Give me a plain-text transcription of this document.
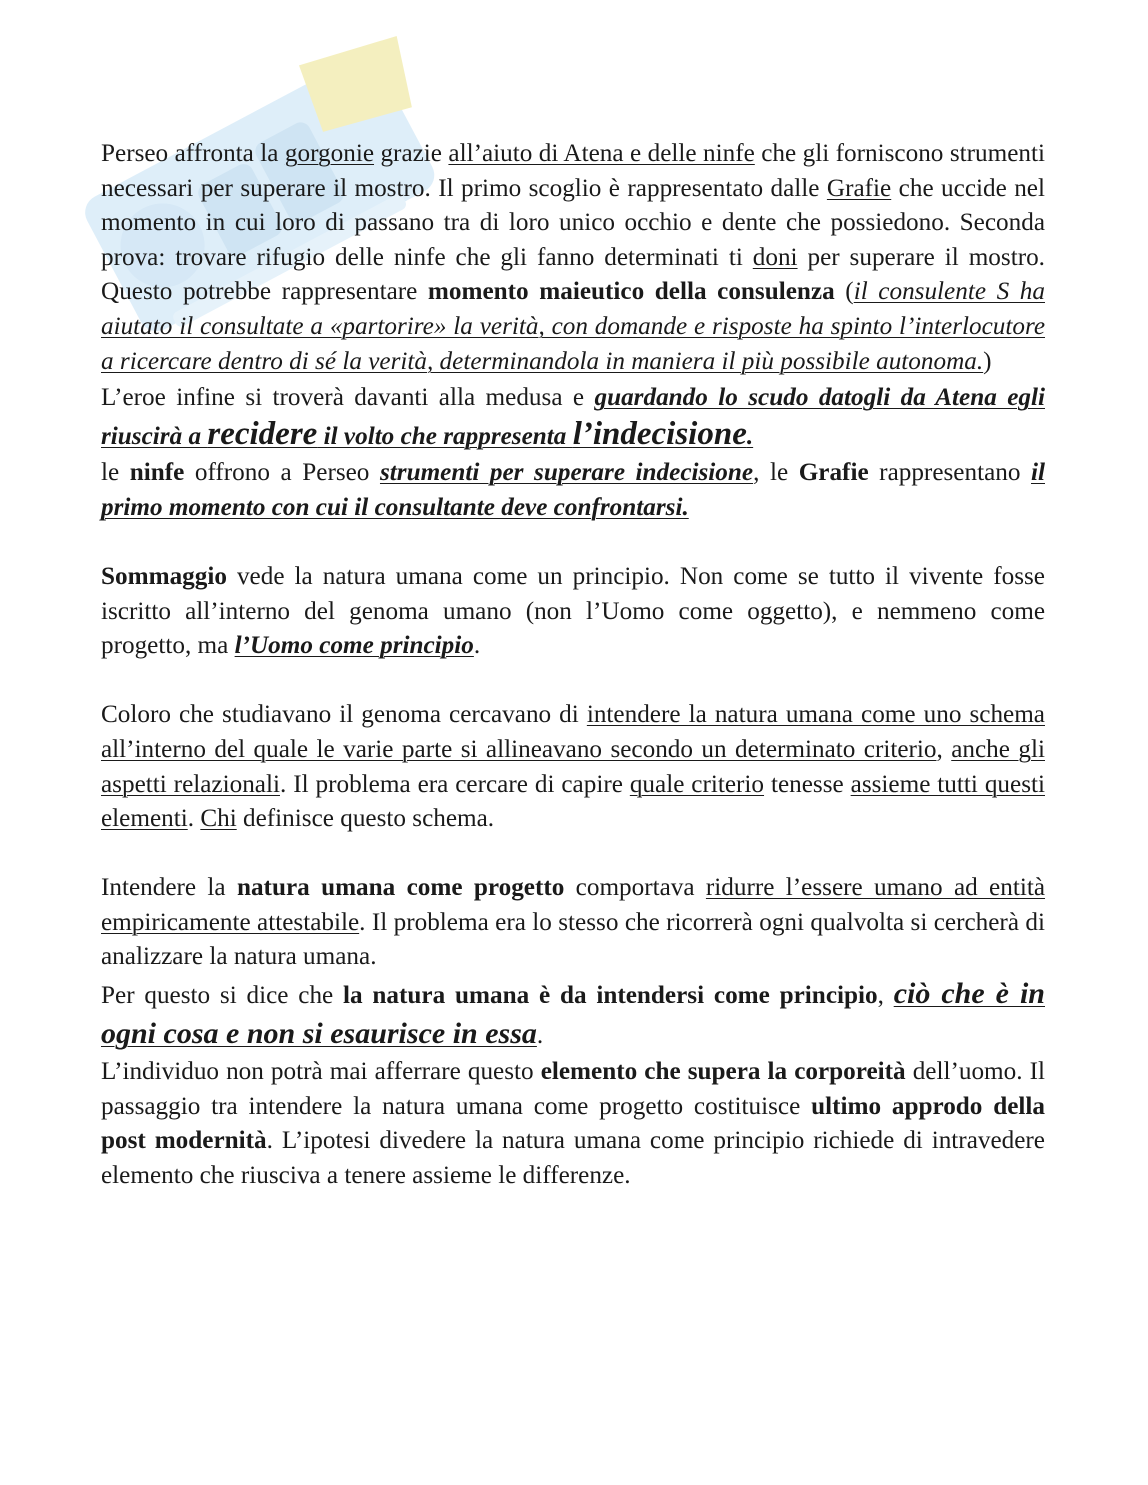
Perseo affronta la gorgonie grazie all’aiuto di Atena e delle ninfe che gli forniscono strumenti necessari per superare il mostro. Il primo scoglio è rappresentato dalle Grafie che uccide nel momento in cui loro di passano tra di loro unico occhio e dente che possiedono. Seconda prova: trovare rifugio delle ninfe che gli fanno determinati ti doni per superare il mostro. Questo potrebbe rappresentare momento maieutico della consulenza (il consulente S ha aiutato il consultate a «partorire» la verità, con domande e risposte ha spinto l’interlocutore a ricercare dentro di sé la verità, determinandola in maniera il più possibile autonoma.)

L’eroe infine si troverà davanti alla medusa e guardando lo scudo datogli da Atena egli riuscirà a recidere il volto che rappresenta l’indecisione.

le ninfe offrono a Perseo strumenti per superare indecisione, le Grafie rappresentano il primo momento con cui il consultante deve confrontarsi.

Sommaggio vede la natura umana come un principio. Non come se tutto il vivente fosse iscritto all’interno del genoma umano (non l’Uomo come oggetto), e nemmeno come progetto, ma l’Uomo come principio.

Coloro che studiavano il genoma cercavano di intendere la natura umana come uno schema all’interno del quale le varie parte si allineavano secondo un determinato criterio, anche gli aspetti relazionali. Il problema era cercare di capire quale criterio tenesse assieme tutti questi elementi. Chi definisce questo schema.

Intendere la natura umana come progetto comportava ridurre l’essere umano ad entità empiricamente attestabile. Il problema era lo stesso che ricorrerà ogni qualvolta si cercherà di analizzare la natura umana.

Per questo si dice che la natura umana è da intendersi come principio, ciò che è in ogni cosa e non si esaurisce in essa.

L’individuo non potrà mai afferrare questo elemento che supera la corporeità dell’uomo. Il passaggio tra intendere la natura umana come progetto costituisce ultimo approdo della post modernità. L’ipotesi divedere la natura umana come principio richiede di intravedere elemento che riusciva a tenere assieme le differenze.
